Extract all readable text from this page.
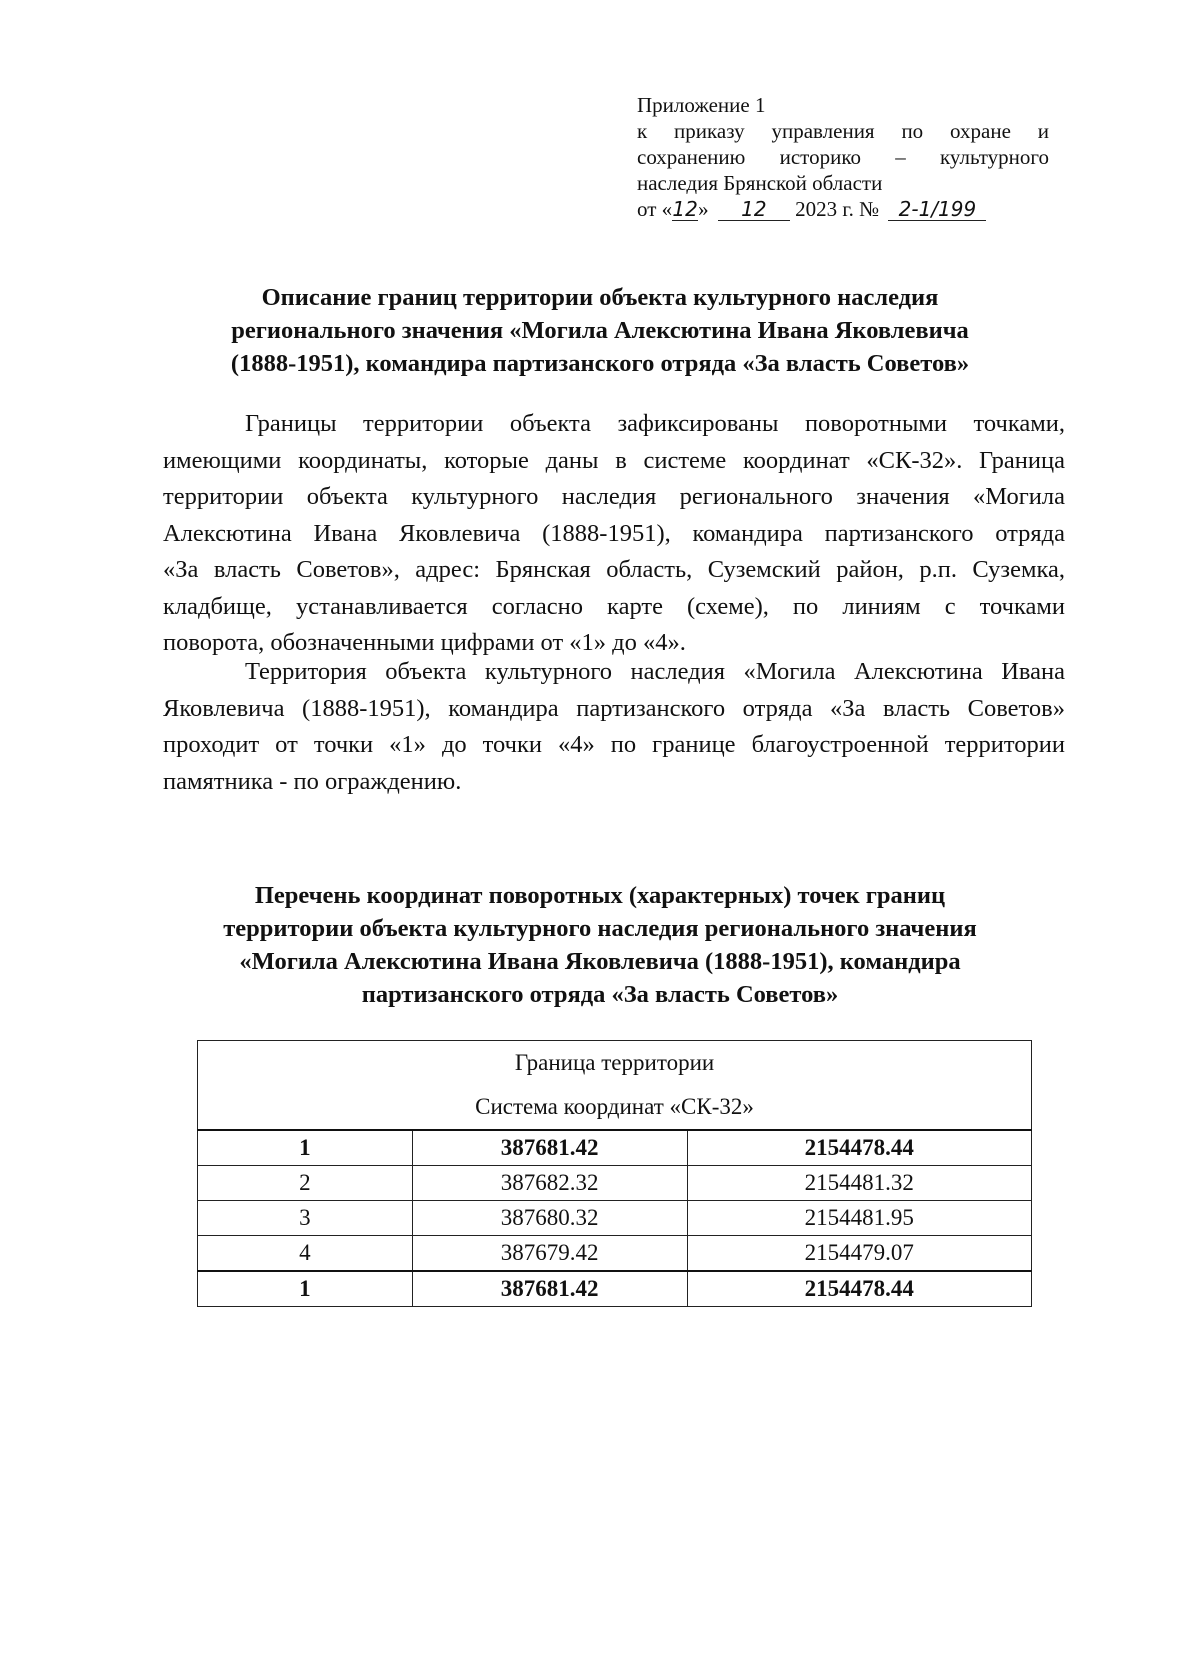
Приложение 1
к приказу управления по охране и
сохранению историко – культурного
наследия Брянской области
от «12» 12 2023 г. № 2-1/199
Описание границ территории объекта культурного наследия
регионального значения «Могила Алексютина Ивана Яковлевича
(1888-1951), командира партизанского отряда «За власть Советов»
Границы территории объекта зафиксированы поворотными точками,
имеющими координаты, которые даны в системе координат «СК-32». Граница
территории объекта культурного наследия регионального значения «Могила
Алексютина Ивана Яковлевича (1888-1951), командира партизанского отряда
«За власть Советов», адрес: Брянская область, Суземский район, р.п. Суземка,
кладбище, устанавливается согласно карте (схеме), по линиям с точками
поворота, обозначенными цифрами от «1» до «4».
Территория объекта культурного наследия «Могила Алексютина Ивана
Яковлевича (1888-1951), командира партизанского отряда «За власть Советов»
проходит от точки «1» до точки «4» по границе благоустроенной территории
памятника - по ограждению.
Перечень координат поворотных (характерных) точек границ
территории объекта культурного наследия регионального значения
«Могила Алексютина Ивана Яковлевича (1888-1951), командира
партизанского отряда «За власть Советов»
Граница территории
Система координат «СК-32»		

1	387681.42	2154478.44
2	387682.32	2154481.32
3	387680.32	2154481.95
4	387679.42	2154479.07
1	387681.42	2154478.44
